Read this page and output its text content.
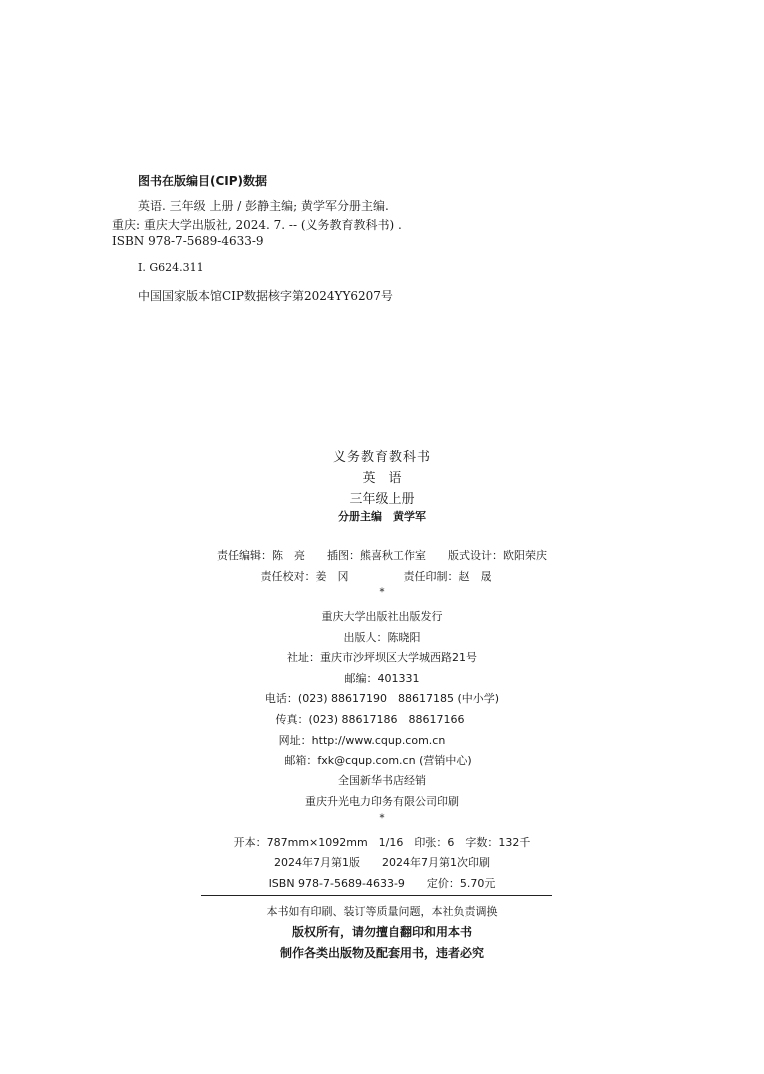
图书在版编目(CIP)数据
英语. 三年级 上册 / 彭静主编; 黄学军分册主编.
重庆: 重庆大学出版社, 2024. 7. -- (义务教育教科书) .
ISBN 978-7-5689-4633-9
I. G624.311
中国国家版本馆CIP数据核字第2024YY6207号
义务教育教科书
英　语
三年级上册
分册主编　黄学军
责任编辑：陈　亮　　插图：熊喜秋工作室　　版式设计：欧阳荣庆
责任校对：姜　冈　　　　　责任印制：赵　晟
*
重庆大学出版社出版发行
出版人：陈晓阳
社址：重庆市沙坪坝区大学城西路21号
邮编：401331
电话：(023) 88617190　88617185 (中小学)
传真：(023) 88617186　88617166
网址：http://www.cqup.com.cn
邮箱：fxk@cqup.com.cn (营销中心)
全国新华书店经销
重庆升光电力印务有限公司印刷
*
开本：787mm×1092mm　1/16　印张：6　字数：132千
2024年7月第1版　　2024年7月第1次印刷
ISBN 978-7-5689-4633-9　　定价：5.70元
本书如有印刷、装订等质量问题，本社负责调换
版权所有，请勿擅自翻印和用本书
制作各类出版物及配套用书，违者必究
